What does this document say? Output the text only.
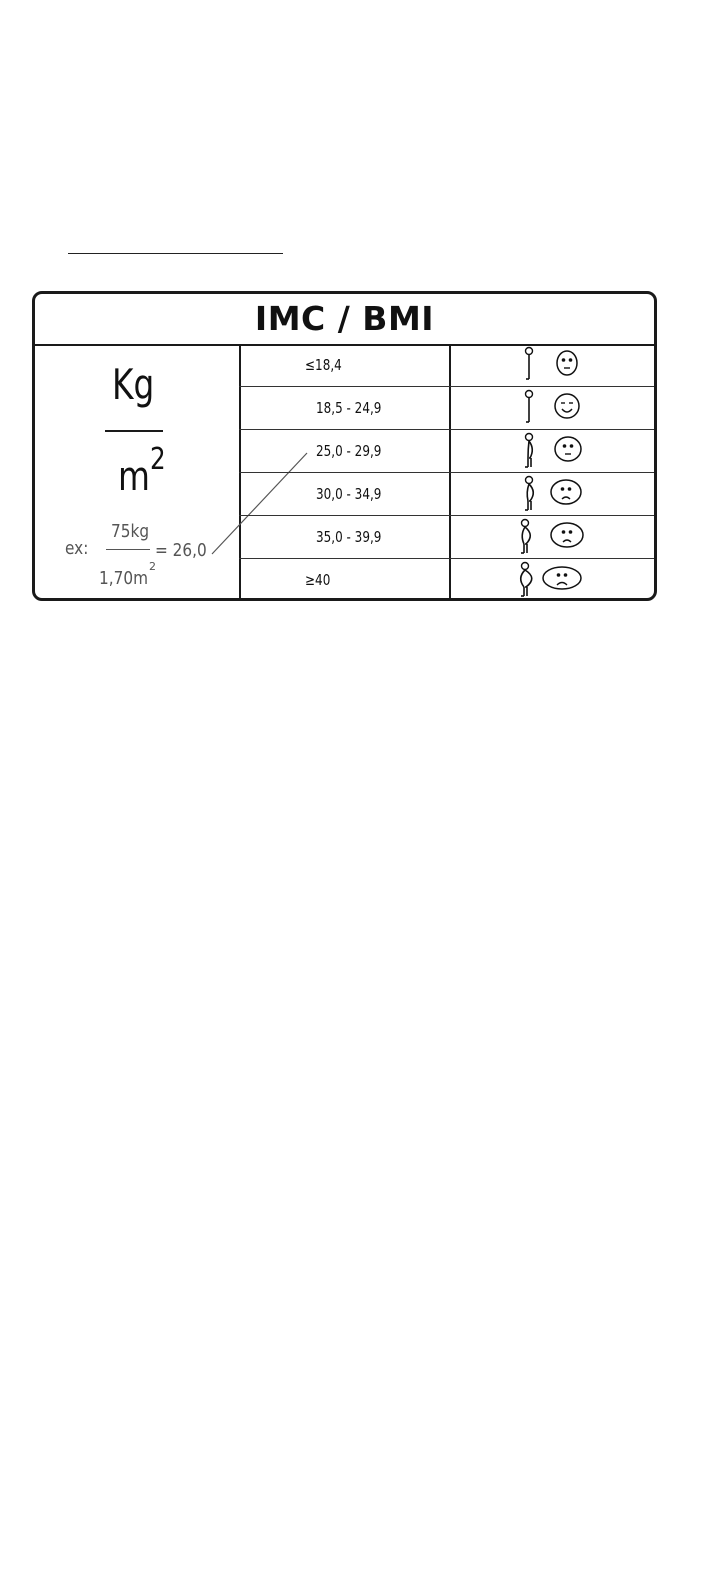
IMC / BMI
Kg
m 2
ex:
75kg
1,70m
2
= 26,0
≤18,4
18,5 - 24,9
25,0 - 29,9
30,0 - 34,9
35,0 - 39,9
≥40
